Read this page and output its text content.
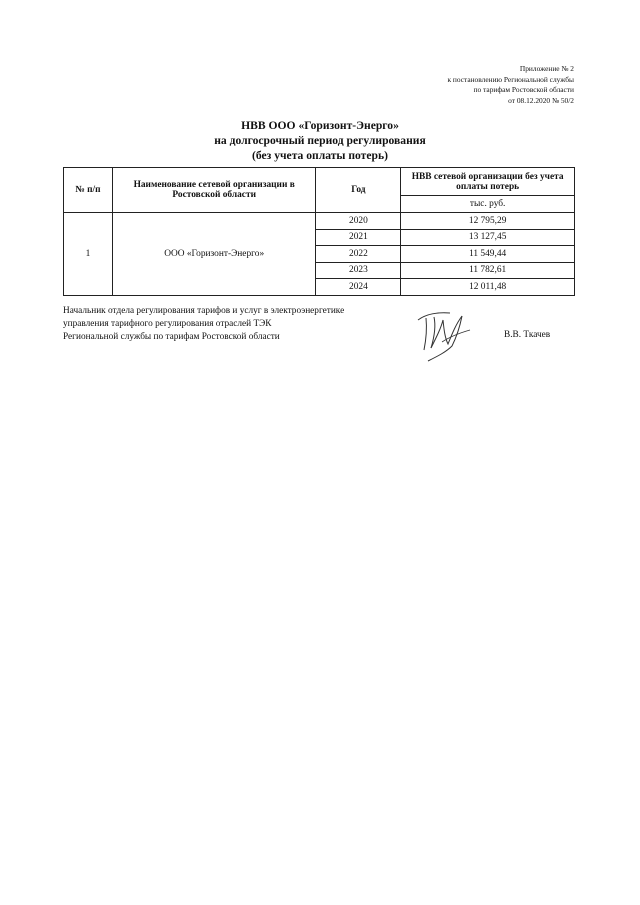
Приложение № 2
к постановлению Региональной службы
по тарифам Ростовской области
от 08.12.2020 № 50/2
НВВ ООО «Горизонт-Энерго»
на долгосрочный период регулирования
(без учета оплаты потерь)
№ п/п	Наименование сетевой организации в Ростовской области	Год	НВВ сетевой организации без учета оплаты потерь
			тыс. руб.
1	ООО «Горизонт-Энерго»	2020	12 795,29
		2021	13 127,45
		2022	11 549,44
		2023	11 782,61
		2024	12 011,48
Начальник отдела регулирования тарифов и услуг в электроэнергетике
управления тарифного регулирования отраслей ТЭК
Региональной службы по тарифам Ростовской области	В.В. Ткачев
